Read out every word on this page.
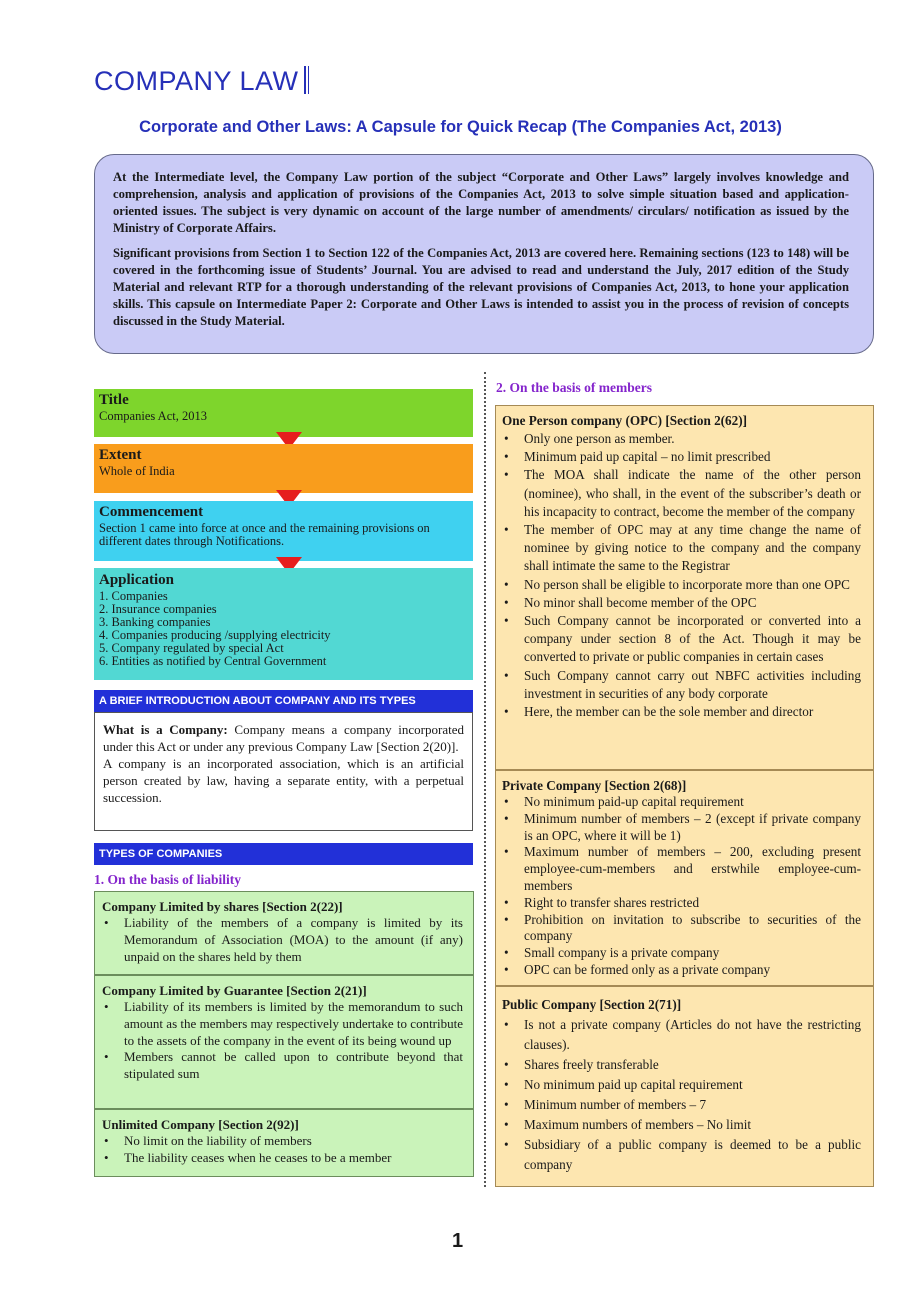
COMPANY LAW
Corporate and Other Laws: A Capsule for Quick Recap (The Companies Act, 2013)

At the Intermediate level, the Company Law portion of the subject “Corporate and Other Laws” largely involves knowledge and comprehension, analysis and application of provisions of the Companies Act, 2013 to solve simple situation based and application-oriented issues. The subject is very dynamic on account of the large number of amendments/ circulars/ notification as issued by the Ministry of Corporate Affairs.

Significant provisions from Section 1 to Section 122 of the Companies Act, 2013 are covered here. Remaining sections (123 to 148) will be covered in the forthcoming issue of Students’ Journal. You are advised to read and understand the July, 2017 edition of the Study Material and relevant RTP for a thorough understanding of the relevant provisions of Companies Act, 2013, to hone your application skills. This capsule on Intermediate Paper 2: Corporate and Other Laws is intended to assist you in the process of revision of concepts discussed in the Study Material.

Title
Companies Act, 2013
Extent
Whole of India
Commencement
Section 1 came into force at once and the remaining provisions on different dates through Notifications.
Application
1. Companies
2. Insurance companies
3. Banking companies
4. Companies producing /supplying electricity
5. Company regulated by special Act
6. Entities as notified by Central Government
A BRIEF INTRODUCTION ABOUT COMPANY AND ITS TYPES

What is a Company: Company means a company incorporated under this Act or under any previous Company Law [Section 2(20)].

A company is an incorporated association, which is an artificial person created by law, having a separate entity, with a perpetual succession.

TYPES OF COMPANIES
1. On the basis of liability
Company Limited by shares [Section 2(22)]
• Liability of the members of a company is limited by its Memorandum of Association (MOA) to the amount (if any) unpaid on the shares held by them
Company Limited by Guarantee [Section 2(21)]
• Liability of its members is limited by the memorandum to such amount as the members may respectively undertake to contribute to the assets of the company in the event of its being wound up
• Members cannot be called upon to contribute beyond that stipulated sum
Unlimited Company [Section 2(92)]
• No limit on the liability of members
• The liability ceases when he ceases to be a member
2. On the basis of members
One Person company (OPC) [Section 2(62)]
• Only one person as member.
• Minimum paid up capital – no limit prescribed
• The MOA shall indicate the name of the other person (nominee), who shall, in the event of the subscriber’s death or his incapacity to contract, become the member of the company
• The member of OPC may at any time change the name of nominee by giving notice to the company and the company shall intimate the same to the Registrar
• No person shall be eligible to incorporate more than one OPC
• No minor shall become member of the OPC
• Such Company cannot be incorporated or converted into a company under section 8 of the Act. Though it may be converted to private or public companies in certain cases
• Such Company cannot carry out NBFC activities including investment in securities of any body corporate
• Here, the member can be the sole member and director
Private Company [Section 2(68)]
• No minimum paid-up capital requirement
• Minimum number of members – 2 (except if private company is an OPC, where it will be 1)
• Maximum number of members – 200, excluding present employee-cum-members and erstwhile employee-cum-members
• Right to transfer shares restricted
• Prohibition on invitation to subscribe to securities of the company
• Small company is a private company
• OPC can be formed only as a private company
Public Company [Section 2(71)]
• Is not a private company (Articles do not have the restricting clauses).
• Shares freely transferable
• No minimum paid up capital requirement
• Minimum number of members – 7
• Maximum numbers of members – No limit
• Subsidiary of a public company is deemed to be a public company
1
